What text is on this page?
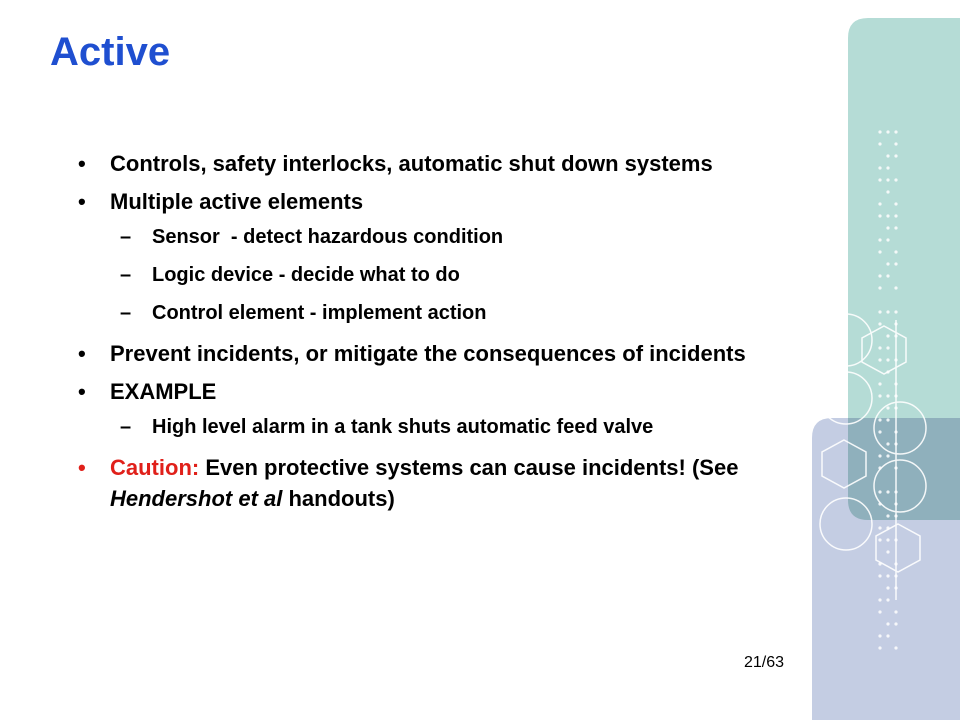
Active
• Controls, safety interlocks, automatic shut down systems
• Multiple active elements
– Sensor  - detect hazardous condition
– Logic device - decide what to do
– Control element - implement action
• Prevent incidents, or mitigate the consequences of incidents
• EXAMPLE
– High level alarm in a tank shuts automatic feed valve
• Caution: Even protective systems can cause incidents! (See Hendershot et al handouts)
21/63
